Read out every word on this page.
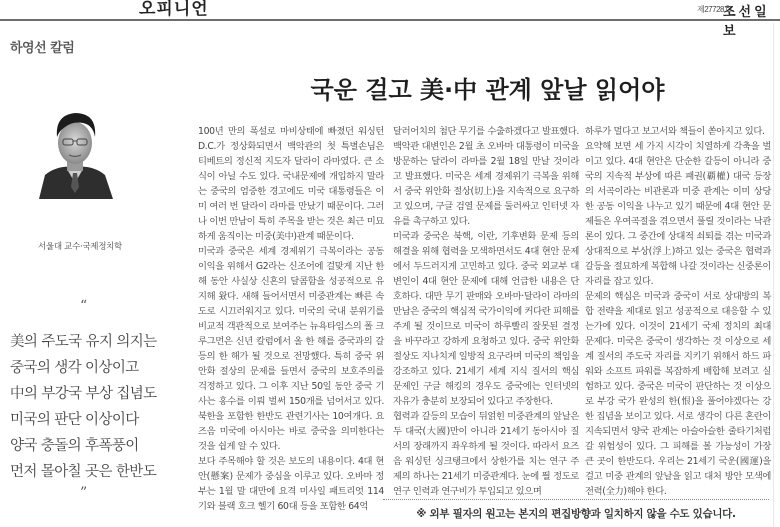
오피니언	제27728호
조선일보
하영선 칼럼
서울대 교수·국제정치학
“
美의 주도국 유지 의지는
중국의 생각 이상이고
中의 부강국 부상 집념도
미국의 판단 이상이다
양국 충돌의 후폭풍이
먼저 몰아칠 곳은 한반도
”
국운 걸고 美·中 관계 앞날 읽어야

100년 만의 폭설로 마비상태에 빠졌던 워싱턴 D.C.가 정상화되면서 백악관의 첫 특별손님은 티베트의 정신적 지도자 달라이 라마였다. 큰 소식이 아닐 수도 있다. 국내문제에 개입하지 말라는 중국의 엄중한 경고에도 미국 대통령들은 이미 여러 번 달라이 라마를 만났기 때문이다. 그러나 이번 만남이 특히 주목을 받는 것은 최근 미묘하게 움직이는 미중(美中)관계 때문이다.

미국과 중국은 세계 경제위기 극복이라는 공동 이익을 위해서 G2라는 신조어에 걸맞게 지난 한 해 동안 사실상 신혼의 달콤함을 성공적으로 유지해 왔다. 새해 들어서면서 미중관계는 빠른 속도로 시끄러워지고 있다. 미국의 국내 분위기를 비교적 객관적으로 보여주는 뉴욕타임스의 폴 크루그먼은 신년 칼럼에서 올 한 해를 중국과의 갈등의 한 해가 될 것으로 전망했다. 특히 중국 위안화 절상의 문제를 들면서 중국의 보호주의를 걱정하고 있다. 그 이후 지난 50일 동안 중국 기사는 홍수를 이뤄 벌써 150개를 넘어서고 있다. 북한을 포함한 한반도 관련기사는 10여개다. 요즈음 미국에 아시아는 바로 중국을 의미한다는 것을 쉽게 알 수 있다.

보다 주목해야 할 것은 보도의 내용이다. 4대 현안(懸案) 문제가 중심을 이루고 있다. 오바마 정부는 1월 말 대만에 요격 미사일 패트리엇 114기와 블랙 호크 헬기 60대 등을 포함한 64억

달러어치의 첨단 무기를 수출하겠다고 발표했다. 백악관 대변인은 2월 초 오바마 대통령이 미국을 방문하는 달라이 라마를 2월 18일 만날 것이라고 발표했다. 미국은 세계 경제위기 극복을 위해서 중국 위안화 절상(切上)을 지속적으로 요구하고 있으며, 구글 검열 문제를 둘러싸고 인터넷 자유를 촉구하고 있다.

미국과 중국은 북핵, 이란, 기후변화 문제 등의 해결을 위해 협력을 모색하면서도 4대 현안 문제에서 두드러지게 고민하고 있다. 중국 외교부 대변인이 4대 현안 문제에 대해 언급한 내용은 단호하다. 대만 무기 판매와 오바마·달라이 라마의 만남은 중국의 핵심적 국가이익에 커다란 피해를 주게 될 것이므로 미국이 하루빨리 잘못된 결정을 바꾸라고 강하게 요청하고 있다. 중국 위안화 절상도 지나치게 일방적 요구라며 미국의 책임을 강조하고 있다. 21세기 세계 지식 질서의 핵심 문제인 구글 해킹의 경우도 중국에는 인터넷의 자유가 충분히 보장되어 있다고 주장한다.

협력과 갈등의 모습이 뒤얽힌 미중관계의 앞날은 두 대국(大國)만이 아니라 21세기 동아시아 질서의 장래까지 좌우하게 될 것이다. 따라서 요즈음 워싱턴 싱크탱크에서 상한가를 치는 연구 주제의 하나는 21세기 미중관계다. 눈에 띌 정도로 연구 인력과 연구비가 투입되고 있으며

하루가 멀다고 보고서와 책들이 쏟아지고 있다.

요약해 보면 세 가지 시각이 치열하게 각축을 벌이고 있다. 4대 현안은 단순한 갈등이 아니라 중국의 지속적 부상에 따른 패권(覇權) 대국 등장의 서곡이라는 비관론과 미중 관계는 이미 상당한 공동 이익을 나누고 있기 때문에 4대 현안 문제들은 우여곡절을 겪으면서 풀릴 것이라는 낙관론이 있다. 그 중간에 상대적 쇠퇴를 겪는 미국과 상대적으로 부상(浮上)하고 있는 중국은 협력과 갈등을 절묘하게 복합해 나갈 것이라는 신중론이 자리를 잡고 있다.

문제의 핵심은 미국과 중국이 서로 상대방의 복합 전략을 제대로 읽고 성공적으로 대응할 수 있는가에 있다. 이것이 21세기 국제 정치의 최대 문제다. 미국은 중국이 생각하는 것 이상으로 세계 질서의 주도국 자리를 지키기 위해서 하드 파워와 소프트 파워를 복잡하게 배합해 보려고 실험하고 있다. 중국은 미국이 판단하는 것 이상으로 부강 국가 완성의 한(恨)을 풀어야겠다는 강한 집념을 보이고 있다. 서로 생각이 다른 혼란이 지속되면서 양국 관계는 아슬아슬한 줄타기처럼 갈 위험성이 있다. 그 피해를 볼 가능성이 가장 큰 곳이 한반도다. 우리는 21세기 국운(國運)을 걸고 미중 관계의 앞날을 읽고 대처 방안 모색에 전력(全力)해야 한다.

※ 외부 필자의 원고는 본지의 편집방향과 일치하지 않을 수도 있습니다.
